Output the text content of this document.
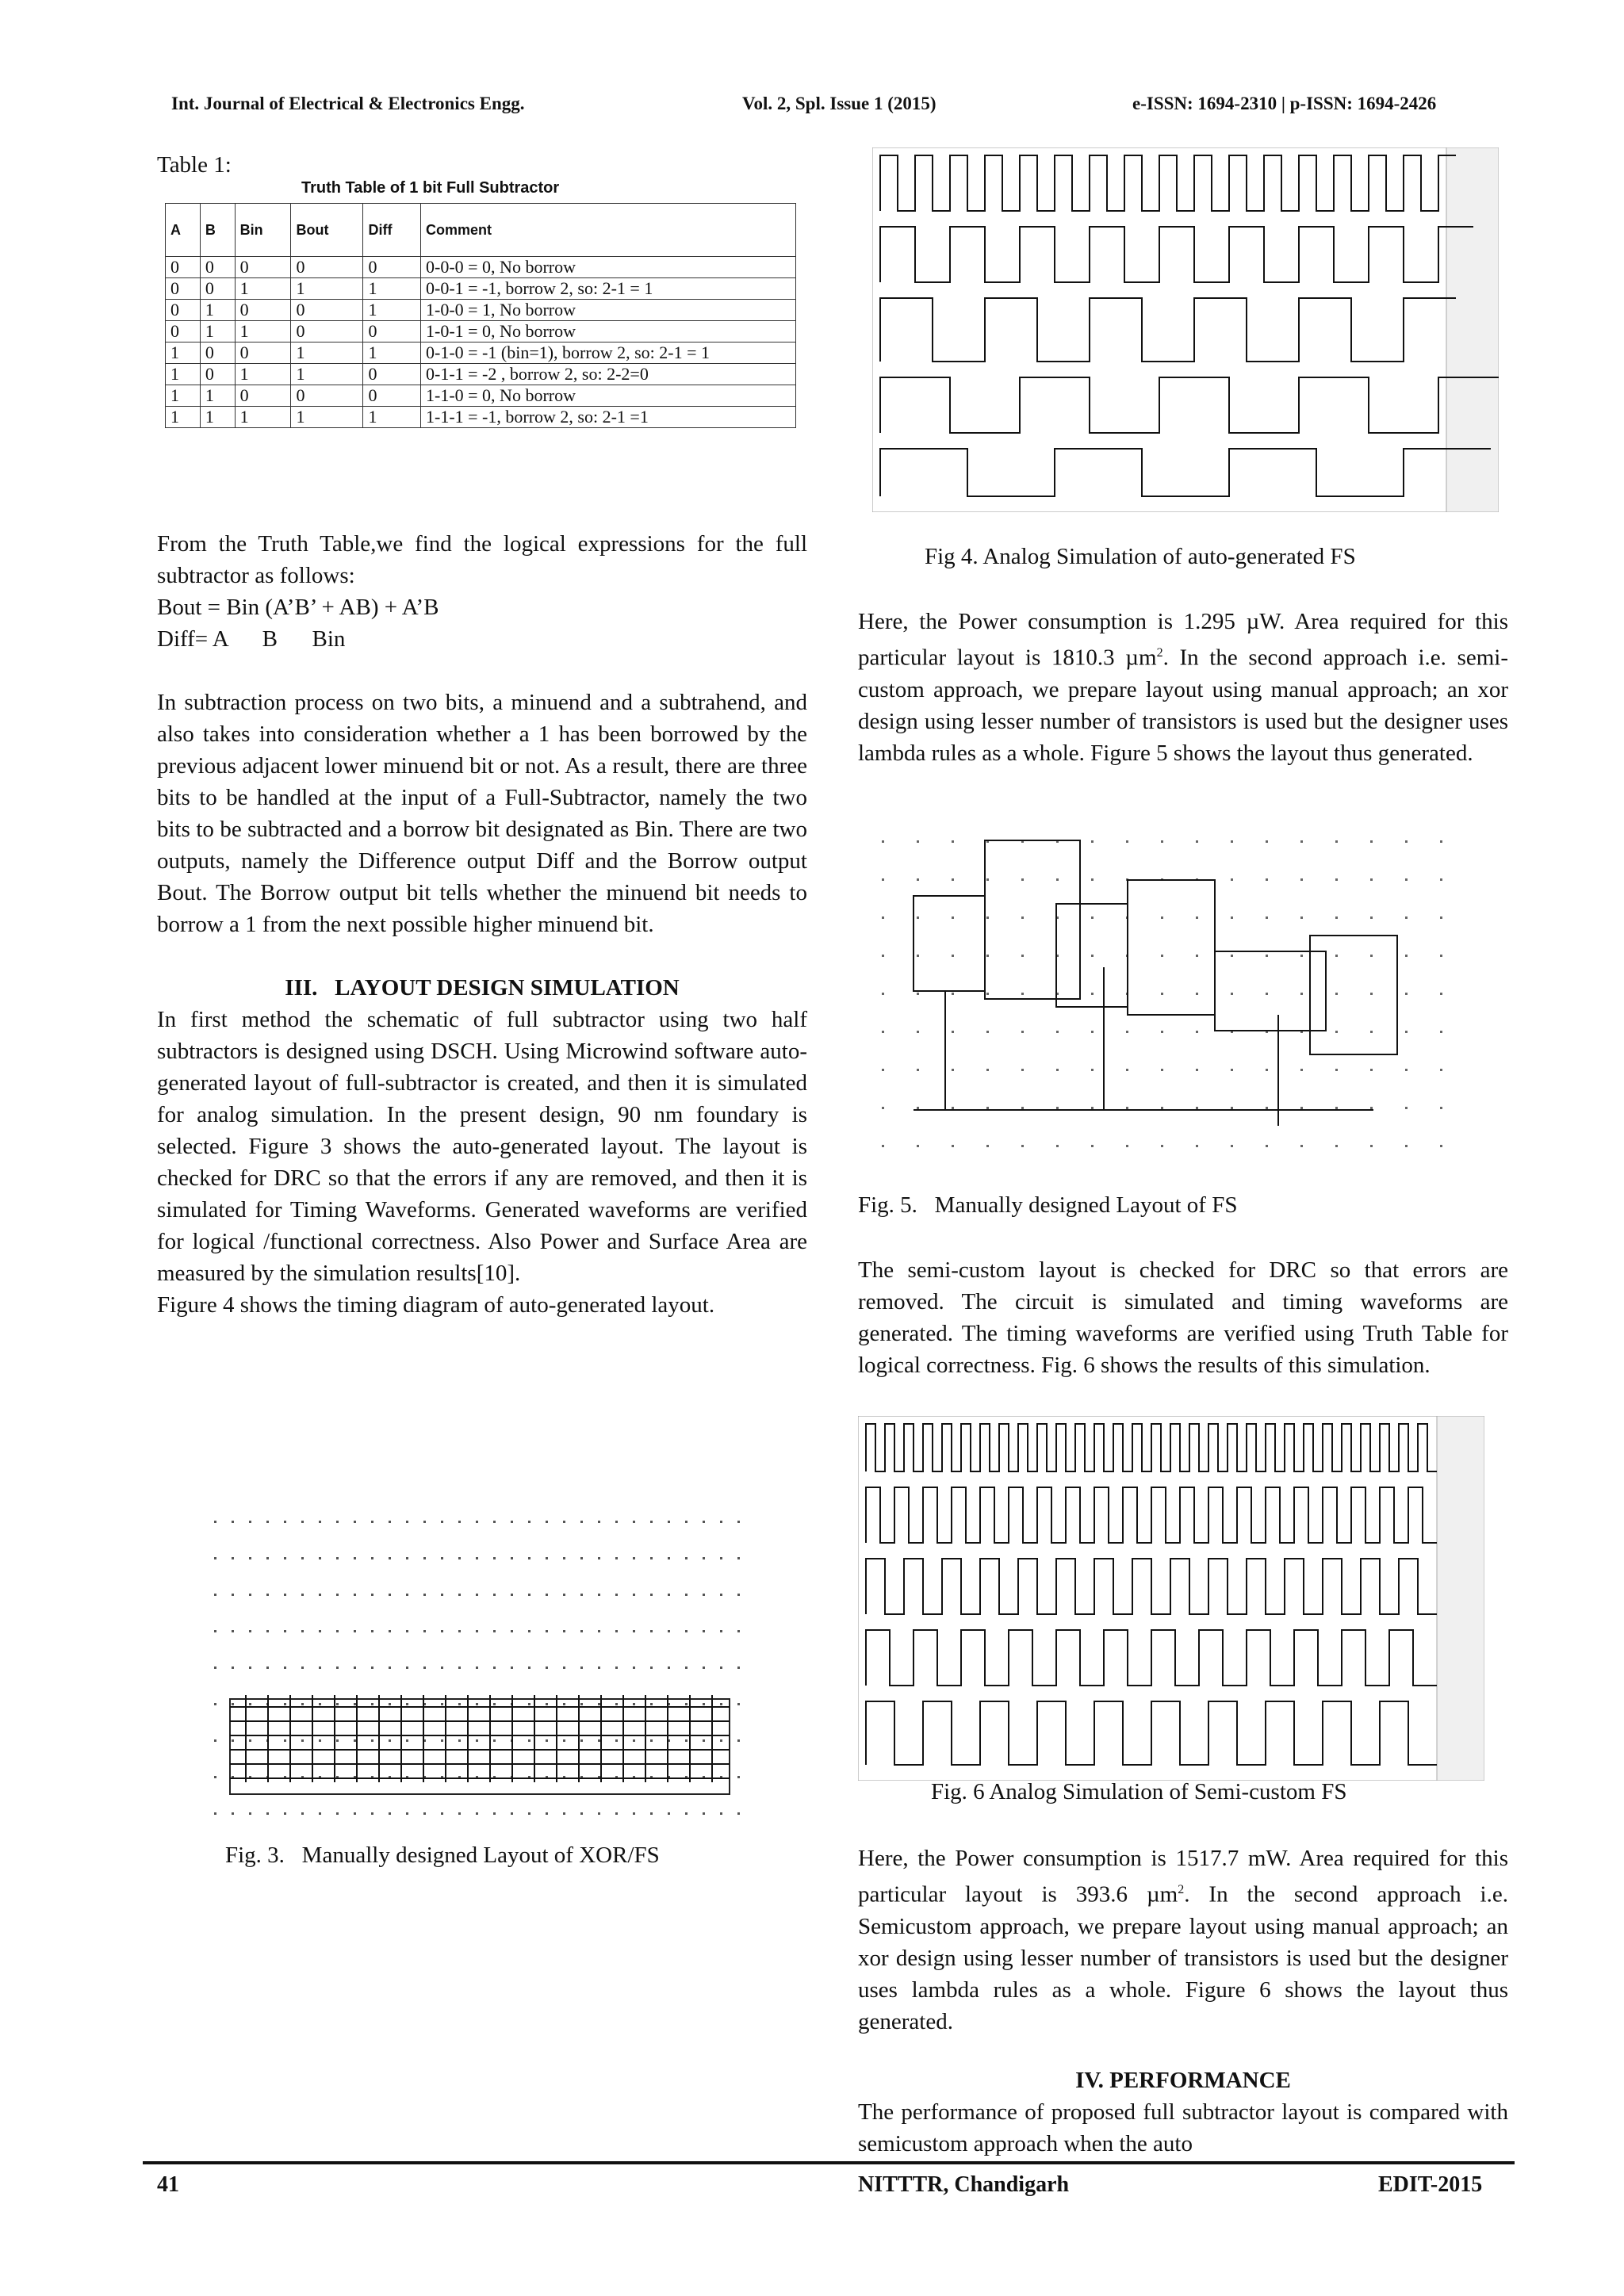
Int. Journal of Electrical & Electronics Engg.	Vol. 2, Spl. Issue 1 (2015)	e-ISSN: 1694-2310 | p-ISSN: 1694-2426
Table 1:
Truth Table of 1 bit Full Subtractor
A	B	Bin	Bout	Diff	Comment
0	0	0	0	0	0-0-0 = 0, No borrow
0	0	1	1	1	0-0-1 = -1, borrow 2, so: 2-1 = 1
0	1	0	0	1	1-0-0 = 1, No borrow
0	1	1	0	0	1-0-1 = 0, No borrow
1	0	0	1	1	0-1-0 = -1 (bin=1), borrow 2, so: 2-1 = 1
1	0	1	1	0	0-1-1 = -2 , borrow 2, so: 2-2=0
1	1	0	0	0	1-1-0 = 0, No borrow
1	1	1	1	1	1-1-1 = -1, borrow 2, so: 2-1 =1

From the Truth Table,we find the logical expressions for the full subtractor as follows:

Bout = Bin (A’B’ + AB) + A’B

Diff= A      B      Bin

In subtraction process on two bits, a minuend and a subtrahend, and also takes into consideration whether a 1 has been borrowed by the previous adjacent lower minuend bit or not. As a result, there are three bits to be handled at the input of a Full-Subtractor, namely the two bits to be subtracted and a borrow bit designated as Bin. There are two outputs, namely the Difference output Diff and the Borrow output Bout. The Borrow output bit tells whether the minuend bit needs to borrow a 1 from the next possible higher minuend bit.

III.   LAYOUT DESIGN SIMULATION

In first method the schematic of full subtractor using two half subtractors is designed using DSCH. Using Microwind software auto-generated layout of full-subtractor is created, and then it is simulated for analog simulation. In the present design, 90 nm foundary is selected. Figure 3 shows the auto-generated layout. The layout is checked for DRC so that the errors if any are removed, and then it is simulated for Timing Waveforms. Generated waveforms are verified for logical /functional correctness. Also Power and Surface Area are measured by the simulation results[10].

Figure 4 shows the timing diagram of auto-generated layout.

Fig. 3.   Manually designed Layout of XOR/FS
Fig 4. Analog Simulation of auto-generated FS
Here, the Power consumption is 1.295 µW. Area required for this particular layout is 1810.3 µm$^2$. In the second approach i.e. semi-custom approach, we prepare layout using manual approach; an xor design using lesser number of transistors is used but the designer uses lambda rules as a whole. Figure 5 shows the layout thus generated.
Fig. 5.   Manually designed Layout of FS
The semi-custom layout is checked for DRC so that errors are removed. The circuit is simulated and timing waveforms are generated. The timing waveforms are verified using Truth Table for logical correctness. Fig. 6 shows the results of this simulation.
Fig. 6 Analog Simulation of Semi-custom FS
Here, the Power consumption is 1517.7 mW. Area required for this particular layout is 393.6 µm$^2$. In the second approach i.e. Semicustom approach, we prepare layout using manual approach; an xor design using lesser number of transistors is used but the designer uses lambda rules as a whole. Figure 6 shows the layout thus generated.
IV. PERFORMANCE
The performance of proposed full subtractor layout is compared with semicustom approach when the auto
41	NITTTR, Chandigarh	EDIT-2015
